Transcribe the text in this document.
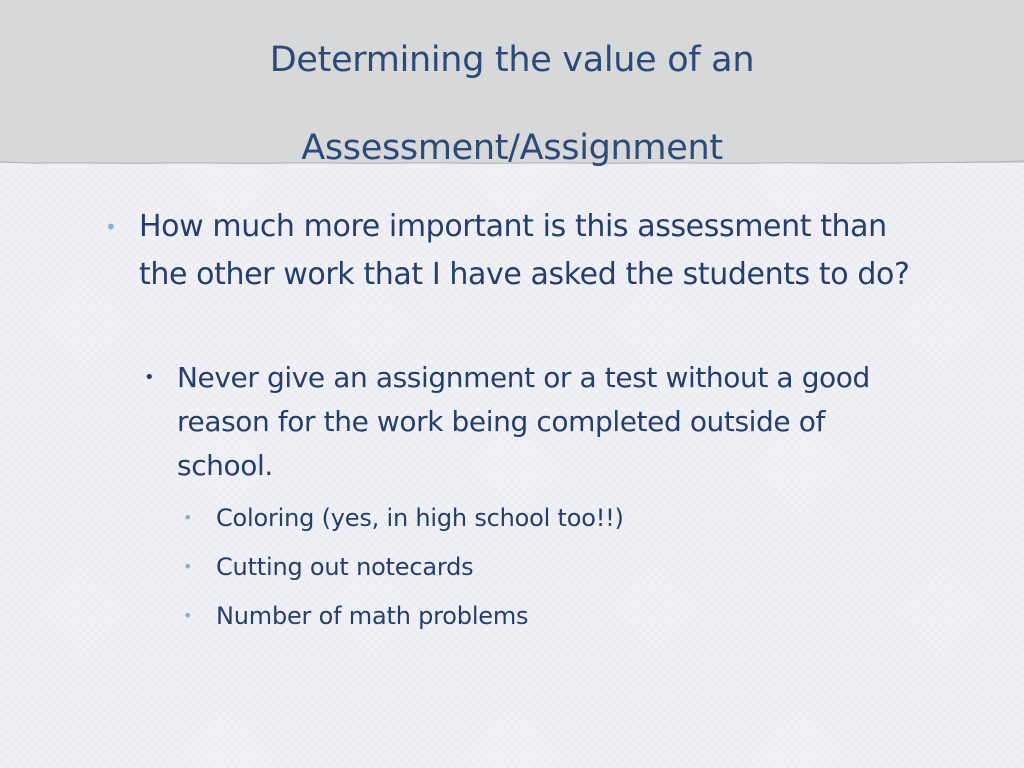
Determining the value of an
Assessment/Assignment
• How much more important is this assessment than the other work that I have asked the students to do?
• Never give an assignment or a test without a good reason for the work being completed outside of school.
• Coloring (yes, in high school too!!)
• Cutting out notecards
• Number of math problems
